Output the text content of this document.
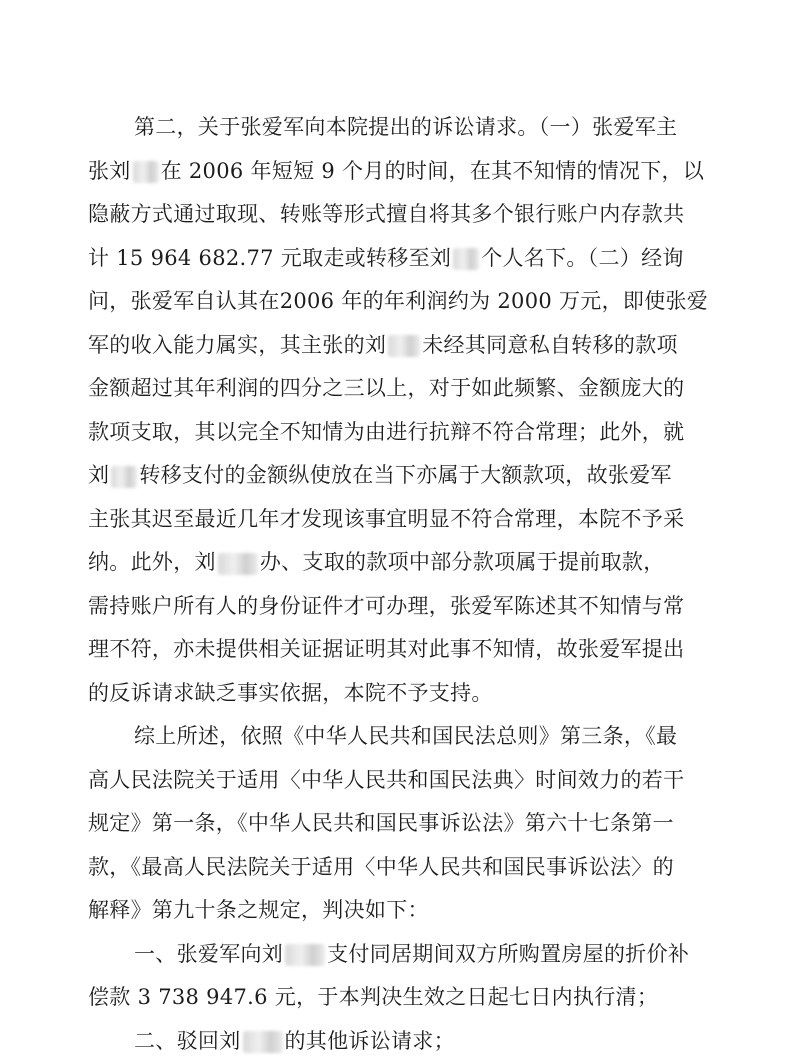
第二，关于张爱军向本院提出的诉讼请求。（一）张爱军主
张刘 在 2006 年短短 9 个月的时间，在其不知情的情况下，以
隐蔽方式通过取现、转账等形式擅自将其多个银行账户内存款共
计 15 964 682.77 元取走或转移至刘 个人名下。（二）经询
问，张爱军自认其在2006 年的年利润约为 2000 万元，即使张爱
军的收入能力属实，其主张的刘 未经其同意私自转移的款项
金额超过其年利润的四分之三以上，对于如此频繁、金额庞大的
款项支取，其以完全不知情为由进行抗辩不符合常理；此外，就
刘 转移支付的金额纵使放在当下亦属于大额款项，故张爱军
主张其迟至最近几年才发现该事宜明显不符合常理，本院不予采
纳。此外，刘 办、支取的款项中部分款项属于提前取款，
需持账户所有人的身份证件才可办理，张爱军陈述其不知情与常
理不符，亦未提供相关证据证明其对此事不知情，故张爱军提出
的反诉请求缺乏事实依据，本院不予支持。
综上所述，依照《中华人民共和国民法总则》第三条，《最
高人民法院关于适用〈中华人民共和国民法典〉时间效力的若干
规定》第一条，《中华人民共和国民事诉讼法》第六十七条第一
款，《最高人民法院关于适用〈中华人民共和国民事诉讼法〉的
解释》第九十条之规定，判决如下：
一、张爱军向刘 支付同居期间双方所购置房屋的折价补
偿款 3 738 947.6 元，于本判决生效之日起七日内执行清；
二、驳回刘 的其他诉讼请求；
